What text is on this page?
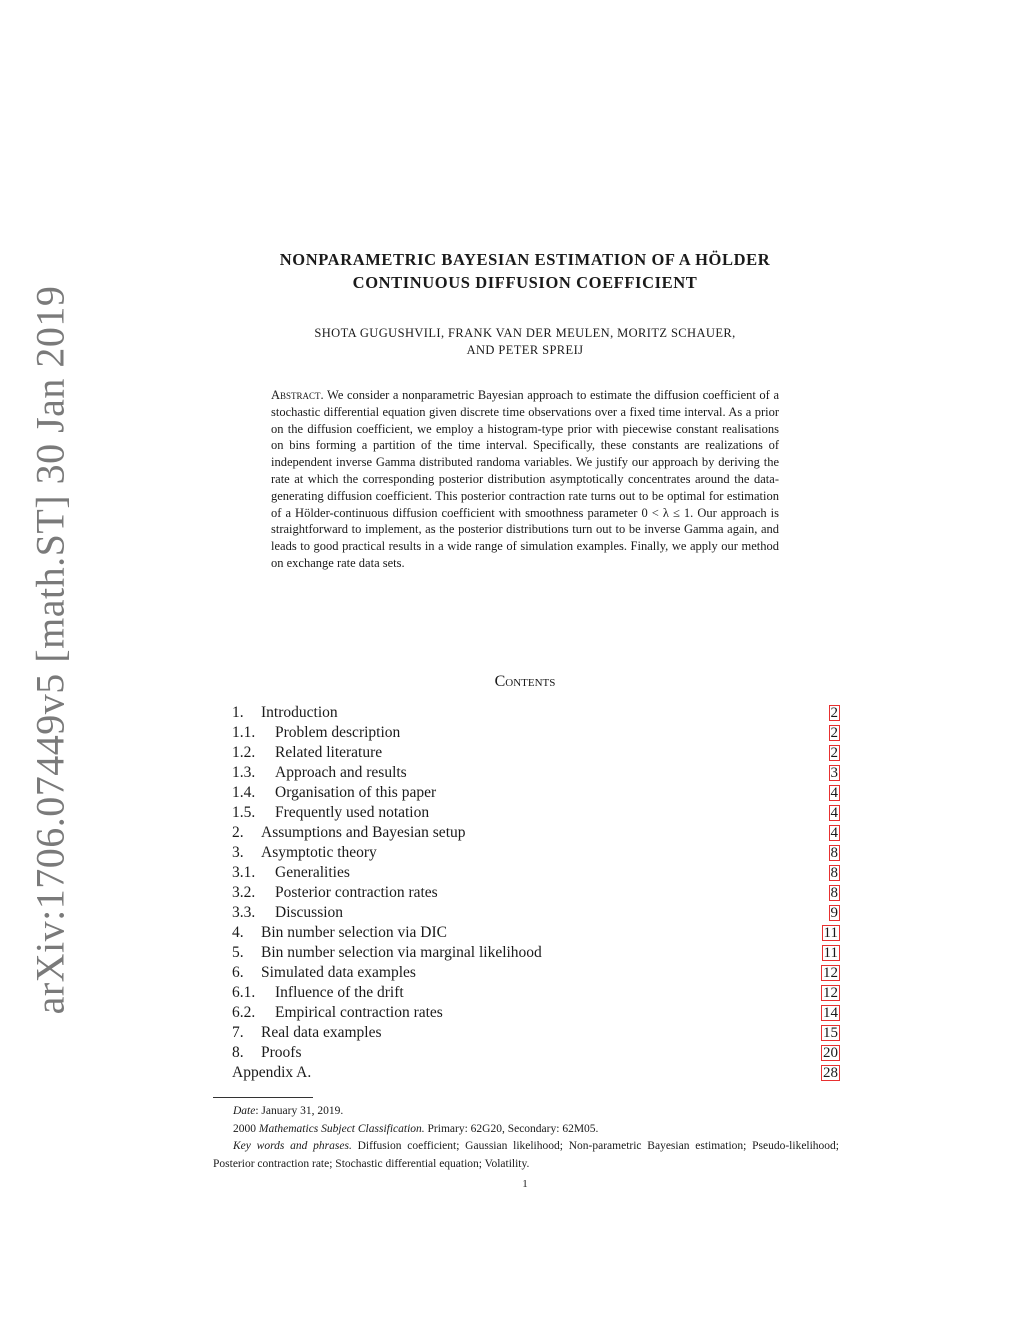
arXiv:1706.07449v5 [math.ST] 30 Jan 2019
NONPARAMETRIC BAYESIAN ESTIMATION OF A HÖLDER
CONTINUOUS DIFFUSION COEFFICIENT
SHOTA GUGUSHVILI, FRANK VAN DER MEULEN, MORITZ SCHAUER,
AND PETER SPREIJ
Abstract. We consider a nonparametric Bayesian approach to estimate the diffusion coefficient of a stochastic differential equation given discrete time observations over a fixed time interval. As a prior on the diffusion coefficient, we employ a histogram-type prior with piecewise constant realisations on bins forming a partition of the time interval. Specifically, these constants are realizations of independent inverse Gamma distributed randoma variables. We justify our approach by deriving the rate at which the corresponding posterior distribution asymptotically concentrates around the data-generating diffusion coefficient. This posterior contraction rate turns out to be optimal for estimation of a Hölder-continuous diffusion coefficient with smoothness parameter 0 < λ ≤ 1. Our approach is straightforward to implement, as the posterior distributions turn out to be inverse Gamma again, and leads to good practical results in a wide range of simulation examples. Finally, we apply our method on exchange rate data sets.
Contents
1.	Introduction	2
1.1.	Problem description	2
1.2.	Related literature	2
1.3.	Approach and results	3
1.4.	Organisation of this paper	4
1.5.	Frequently used notation	4
2.	Assumptions and Bayesian setup	4
3.	Asymptotic theory	8
3.1.	Generalities	8
3.2.	Posterior contraction rates	8
3.3.	Discussion	9
4.	Bin number selection via DIC	11
5.	Bin number selection via marginal likelihood	11
6.	Simulated data examples	12
6.1.	Influence of the drift	12
6.2.	Empirical contraction rates	14
7.	Real data examples	15
8.	Proofs	20
Appendix A.	28

Date: January 31, 2019.

2000 Mathematics Subject Classification. Primary: 62G20, Secondary: 62M05.

Key words and phrases. Diffusion coefficient; Gaussian likelihood; Non-parametric Bayesian estimation; Pseudo-likelihood; Posterior contraction rate; Stochastic differential equation; Volatility.

1
